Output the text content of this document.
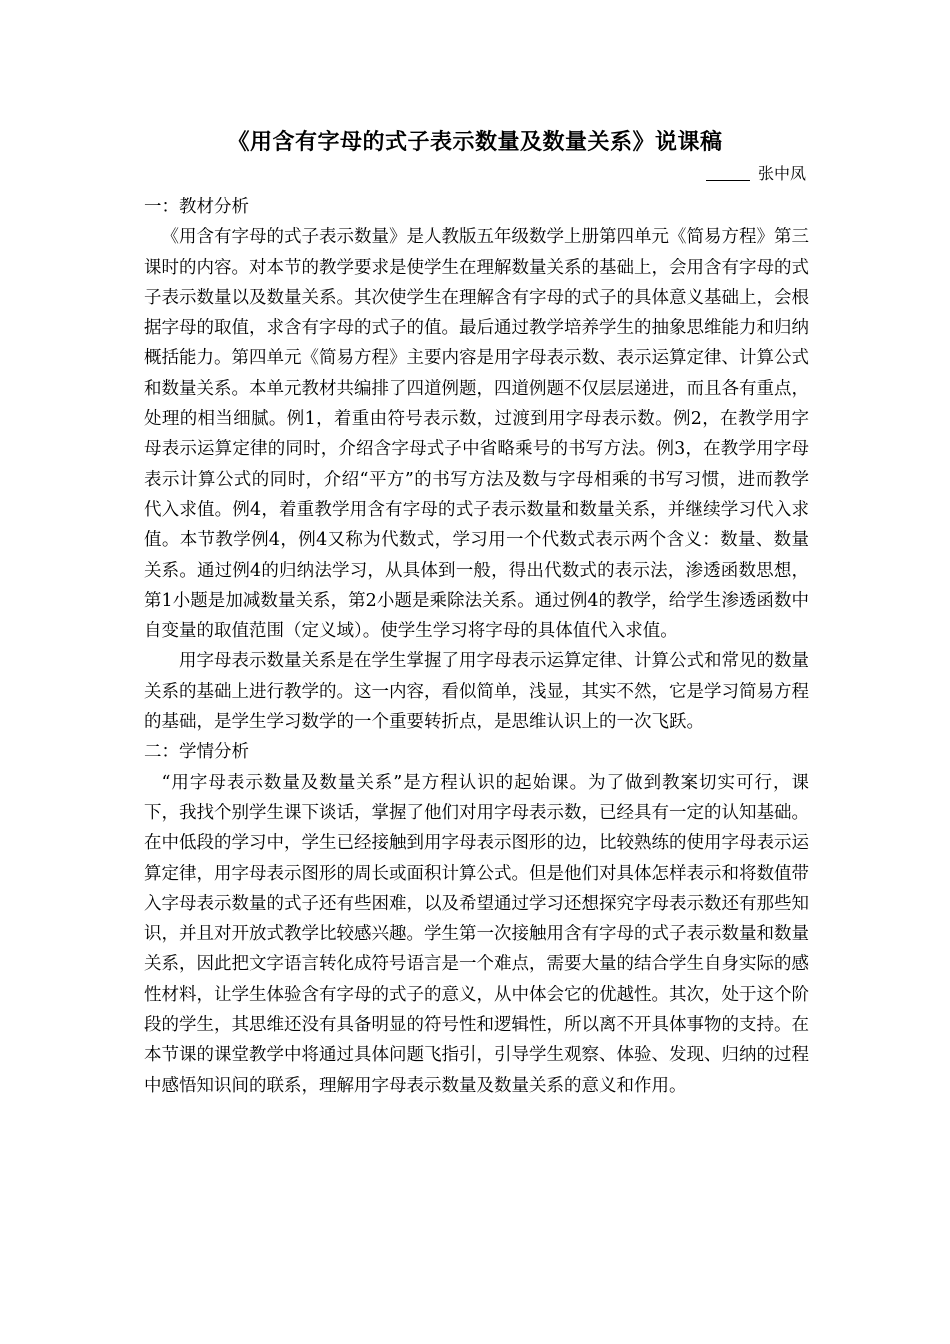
《用含有字母的式子表示数量及数量关系》说课稿
张中凤

一：教材分析

《用含有字母的式子表示数量》是人教版五年级数学上册第四单元《简易方程》第三课时的内容。对本节的教学要求是使学生在理解数量关系的基础上，会用含有字母的式子表示数量以及数量关系。其次使学生在理解含有字母的式子的具体意义基础上，会根据字母的取值，求含有字母的式子的值。最后通过教学培养学生的抽象思维能力和归纳概括能力。第四单元《简易方程》主要内容是用字母表示数、表示运算定律、计算公式和数量关系。本单元教材共编排了四道例题，四道例题不仅层层递进，而且各有重点，处理的相当细腻。例1，着重由符号表示数，过渡到用字母表示数。例2，在教学用字母表示运算定律的同时，介绍含字母式子中省略乘号的书写方法。例3，在教学用字母表示计算公式的同时，介绍“平方”的书写方法及数与字母相乘的书写习惯，进而教学代入求值。例4，着重教学用含有字母的式子表示数量和数量关系，并继续学习代入求值。本节教学例4，例4又称为代数式，学习用一个代数式表示两个含义：数量、数量关系。通过例4的归纳法学习，从具体到一般，得出代数式的表示法，渗透函数思想，第1小题是加减数量关系，第2小题是乘除法关系。通过例4的教学，给学生渗透函数中自变量的取值范围（定义域）。使学生学习将字母的具体值代入求值。

用字母表示数量关系是在学生掌握了用字母表示运算定律、计算公式和常见的数量关系的基础上进行教学的。这一内容，看似简单，浅显，其实不然，它是学习简易方程的基础，是学生学习数学的一个重要转折点，是思维认识上的一次飞跃。

二：学情分析

“用字母表示数量及数量关系”是方程认识的起始课。为了做到教案切实可行，课下，我找个别学生课下谈话，掌握了他们对用字母表示数，已经具有一定的认知基础。在中低段的学习中，学生已经接触到用字母表示图形的边，比较熟练的使用字母表示运算定律，用字母表示图形的周长或面积计算公式。但是他们对具体怎样表示和将数值带入字母表示数量的式子还有些困难，以及希望通过学习还想探究字母表示数还有那些知识，并且对开放式教学比较感兴趣。学生第一次接触用含有字母的式子表示数量和数量关系，因此把文字语言转化成符号语言是一个难点，需要大量的结合学生自身实际的感性材料，让学生体验含有字母的式子的意义，从中体会它的优越性。其次，处于这个阶段的学生，其思维还没有具备明显的符号性和逻辑性，所以离不开具体事物的支持。在本节课的课堂教学中将通过具体问题飞指引，引导学生观察、体验、发现、归纳的过程中感悟知识间的联系，理解用字母表示数量及数量关系的意义和作用。
